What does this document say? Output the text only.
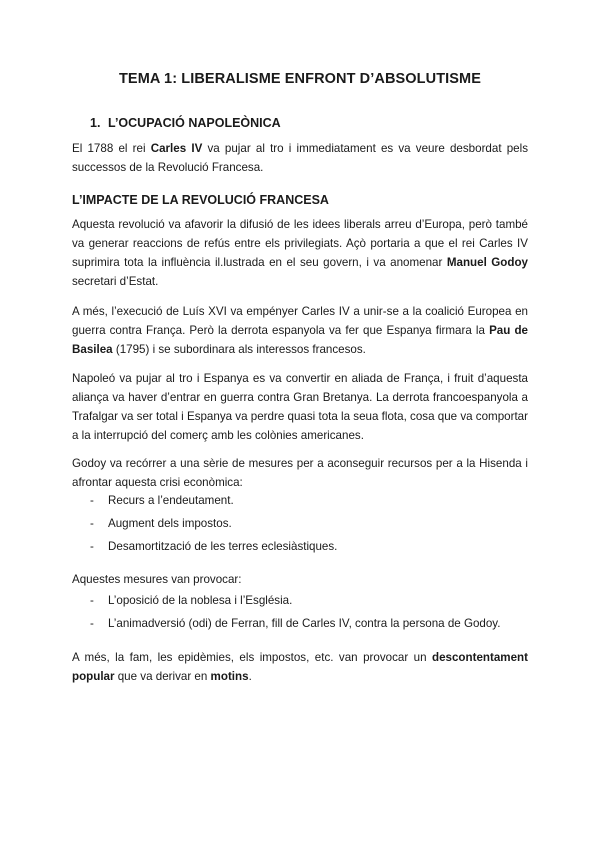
TEMA 1: LIBERALISME ENFRONT D’ABSOLUTISME
1. L’OCUPACIÓ NAPOLEÒNICA
El 1788 el rei Carles IV va pujar al tro i immediatament es va veure desbordat pels successos de la Revolució Francesa.
L’IMPACTE DE LA REVOLUCIÓ FRANCESA
Aquesta revolució va afavorir la difusió de les idees liberals arreu d’Europa, però també va generar reaccions de refús entre els privilegiats. Açò portaria a que el rei Carles IV suprimira tota la influència il.lustrada en el seu govern, i va anomenar Manuel Godoy secretari d’Estat.
A més, l’execució de Luís XVI va empényer Carles IV a unir-se a la coalició Europea en guerra contra França. Però la derrota espanyola va fer que Espanya firmara la Pau de Basilea (1795) i se subordinara als interessos francesos.
Napoleó va pujar al tro i Espanya es va convertir en aliada de França, i fruit d’aquesta aliança va haver d’entrar en guerra contra Gran Bretanya. La derrota francoespanyola a Trafalgar va ser total i Espanya va perdre quasi tota la seua flota, cosa que va comportar a la interrupció del comerç amb les colònies americanes.
Godoy va recórrer a una sèrie de mesures per a aconseguir recursos per a la Hisenda i afrontar aquesta crisi econòmica:
- Recurs a l’endeutament.
- Augment dels impostos.
- Desamortització de les terres eclesiàstiques.
Aquestes mesures van provocar:
- L’oposició de la noblesa i l’Església.
- L’animadversió (odi) de Ferran, fill de Carles IV, contra la persona de Godoy.
A més, la fam, les epidèmies, els impostos, etc. van provocar un descontentament popular que va derivar en motins.
